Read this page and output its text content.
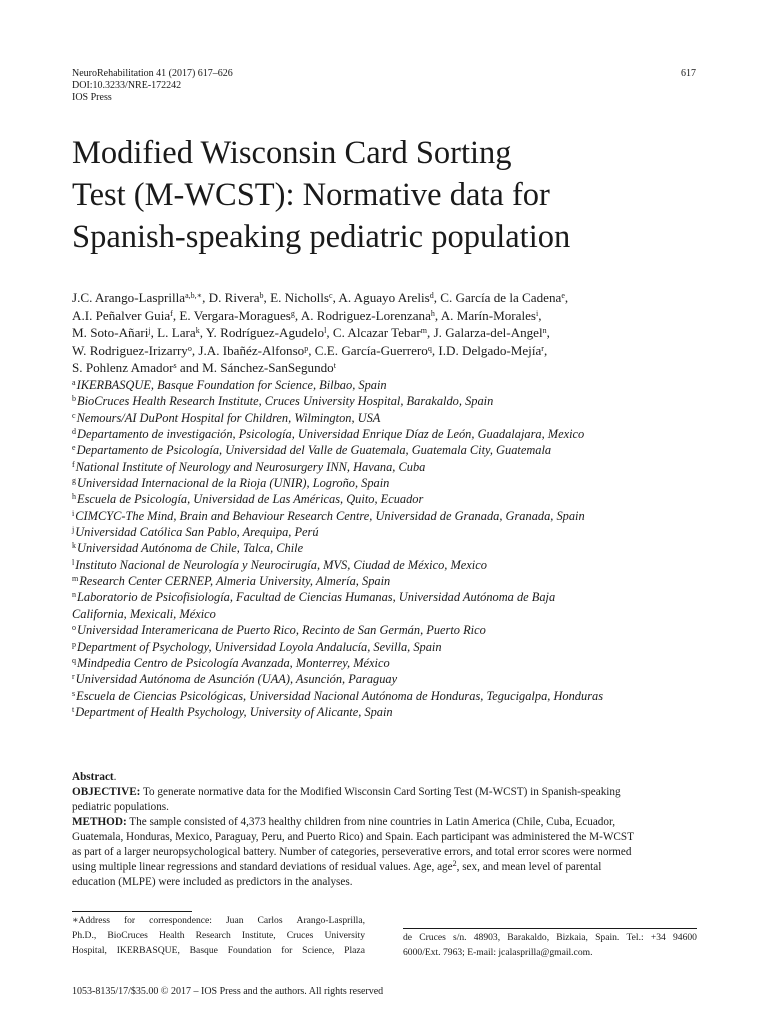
NeuroRehabilitation 41 (2017) 617–626
DOI:10.3233/NRE-172242
IOS Press
617
Modified Wisconsin Card Sorting
Test (M-WCST): Normative data for
Spanish-speaking pediatric population
J.C. Arango-Lasprilla$^{a,b,∗}$, D. Rivera$^b$, E. Nicholls$^c$, A. Aguayo Arelis$^d$, C. García de la Cadena$^e$,
A.I. Peñalver Guia$^f$, E. Vergara-Moragues$^g$, A. Rodriguez-Lorenzana$^h$, A. Marín-Morales$^i$,
M. Soto-Añari$^j$, L. Lara$^k$, Y. Rodríguez-Agudelo$^l$, C. Alcazar Tebar$^m$, J. Galarza-del-Angel$^n$,
W. Rodriguez-Irizarry$^o$, J.A. Ibañéz-Alfonso$^p$, C.E. García-Guerrero$^q$, I.D. Delgado-Mejía$^r$,
S. Pohlenz Amador$^s$ and M. Sánchez-SanSegundo$^t$
$^a$IKERBASQUE, Basque Foundation for Science, Bilbao, Spain
$^b$BioCruces Health Research Institute, Cruces University Hospital, Barakaldo, Spain
$^c$Nemours/AI DuPont Hospital for Children, Wilmington, USA
$^d$Departamento de investigación, Psicología, Universidad Enrique Díaz de León, Guadalajara, Mexico
$^e$Departamento de Psicología, Universidad del Valle de Guatemala, Guatemala City, Guatemala
$^f$National Institute of Neurology and Neurosurgery INN, Havana, Cuba
$^g$Universidad Internacional de la Rioja (UNIR), Logroño, Spain
$^h$Escuela de Psicología, Universidad de Las Américas, Quito, Ecuador
$^i$CIMCYC-The Mind, Brain and Behaviour Research Centre, Universidad de Granada, Granada, Spain
$^j$Universidad Católica San Pablo, Arequipa, Perú
$^k$Universidad Autónoma de Chile, Talca, Chile
$^l$Instituto Nacional de Neurología y Neurocirugía, MVS, Ciudad de México, Mexico
$^m$Research Center CERNEP, Almeria University, Almería, Spain
$^n$Laboratorio de Psicofisiología, Facultad de Ciencias Humanas, Universidad Autónoma de Baja
California, Mexicali, México
$^o$Universidad Interamericana de Puerto Rico, Recinto de San Germán, Puerto Rico
$^p$Department of Psychology, Universidad Loyola Andalucía, Sevilla, Spain
$^q$Mindpedia Centro de Psicología Avanzada, Monterrey, México
$^r$Universidad Autónoma de Asunción (UAA), Asunción, Paraguay
$^s$Escuela de Ciencias Psicológicas, Universidad Nacional Autónoma de Honduras, Tegucigalpa, Honduras
$^t$Department of Health Psychology, University of Alicante, Spain
Abstract.
OBJECTIVE: To generate normative data for the Modified Wisconsin Card Sorting Test (M-WCST) in Spanish-speaking
pediatric populations.
METHOD: The sample consisted of 4,373 healthy children from nine countries in Latin America (Chile, Cuba, Ecuador,
Guatemala, Honduras, Mexico, Paraguay, Peru, and Puerto Rico) and Spain. Each participant was administered the M-WCST
as part of a larger neuropsychological battery. Number of categories, perseverative errors, and total error scores were normed
using multiple linear regressions and standard deviations of residual values. Age, age$^2$, sex, and mean level of parental
education (MLPE) were included as predictors in the analyses.
∗Address for correspondence: Juan Carlos Arango-Lasprilla,
Ph.D., BioCruces Health Research Institute, Cruces University
Hospital, IKERBASQUE, Basque Foundation for Science, Plaza
de Cruces s/n. 48903, Barakaldo, Bizkaia, Spain. Tel.: +34 94600
6000/Ext. 7963; E-mail: jcalasprilla@gmail.com.
1053-8135/17/$35.00 © 2017 – IOS Press and the authors. All rights reserved
